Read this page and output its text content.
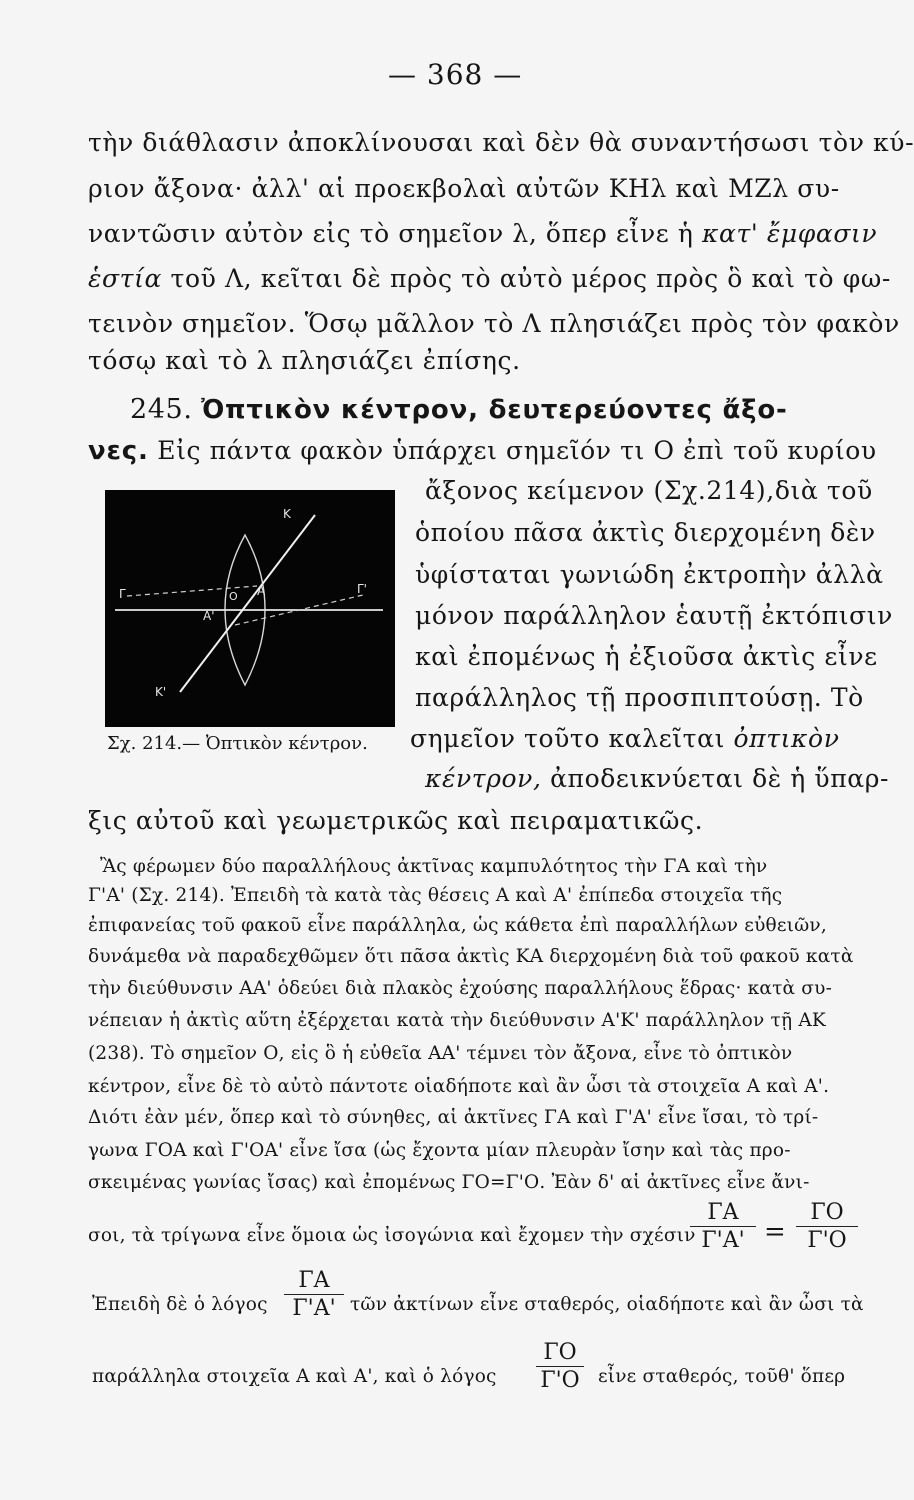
— 368 —
τὴν διάθλασιν ἀποκλίνουσαι καὶ δὲν θὰ συναντήσωσι τὸν κύ-
ριον ἄξονα· ἀλλ' αἱ προεκβολαὶ αὐτῶν ΚΗλ καὶ ΜΖλ συ-
ναντῶσιν αὐτὸν εἰς τὸ σημεῖον λ, ὅπερ εἶνε ἡ κατ' ἔμφασιν
ἑστία τοῦ Λ, κεῖται δὲ πρὸς τὸ αὐτὸ μέρος πρὸς ὃ καὶ τὸ φω-
τεινὸν σημεῖον. Ὅσῳ μᾶλλον τὸ Λ πλησιάζει πρὸς τὸν φακὸν
τόσῳ καὶ τὸ λ πλησιάζει ἐπίσης.
245. Ὀπτικὸν κέντρον, δευτερεύοντες ἄξο-
νες. Εἰς πάντα φακὸν ὑπάρχει σημεῖόν τι Ο ἐπὶ τοῦ κυρίου
ἄξονος κείμενον (Σχ.214),διὰ τοῦ
ὁποίου πᾶσα ἀκτὶς διερχομένη δὲν
ὑφίσταται γωνιώδη ἐκτροπὴν ἀλλὰ
μόνον παράλληλον ἑαυτῇ ἐκτόπισιν
καὶ ἐπομένως ἡ ἐξιοῦσα ἀκτὶς εἶνε
παράλληλος τῇ προσπιπτούσῃ. Τὸ
σημεῖον τοῦτο καλεῖται ὀπτικὸν
κέντρον, ἀποδεικνύεται δὲ ἡ ὕπαρ-
ξις αὐτοῦ καὶ γεωμετρικῶς καὶ πειραματικῶς.
K
K'
Γ	Γ'
A
A'
O
Σχ. 214.— Ὀπτικὸν κέντρον.
Ἂς φέρωμεν δύο παραλλήλους ἀκτῖνας καμπυλότητος τὴν ΓΑ καὶ τὴν
Γ'Α' (Σχ. 214). Ἐπειδὴ τὰ κατὰ τὰς θέσεις Α καὶ Α' ἐπίπεδα στοιχεῖα τῆς
ἐπιφανείας τοῦ φακοῦ εἶνε παράλληλα, ὡς κάθετα ἐπὶ παραλλήλων εὐθειῶν,
δυνάμεθα νὰ παραδεχθῶμεν ὅτι πᾶσα ἀκτὶς ΚΑ διερχομένη διὰ τοῦ φακοῦ κατὰ
τὴν διεύθυνσιν ΑΑ' ὁδεύει διὰ πλακὸς ἐχούσης παραλλήλους ἕδρας· κατὰ συ-
νέπειαν ἡ ἀκτὶς αὕτη ἐξέρχεται κατὰ τὴν διεύθυνσιν Α'Κ' παράλληλον τῇ ΑΚ
(238). Τὸ σημεῖον Ο, εἰς ὃ ἡ εὐθεῖα ΑΑ' τέμνει τὸν ἄξονα, εἶνε τὸ ὀπτικὸν
κέντρον, εἶνε δὲ τὸ αὐτὸ πάντοτε οἱαδήποτε καὶ ἂν ὦσι τὰ στοιχεῖα Α καὶ Α'.
Διότι ἐὰν μέν, ὅπερ καὶ τὸ σύνηθες, αἱ ἀκτῖνες ΓΑ καὶ Γ'Α' εἶνε ἴσαι, τὸ τρί-
γωνα ΓΟΑ καὶ Γ'ΟΑ' εἶνε ἴσα (ὡς ἔχοντα μίαν πλευρὰν ἴσην καὶ τὰς προ-
σκειμένας γωνίας ἴσας) καὶ ἐπομένως ΓΟ=Γ'Ο. Ἐὰν δ' αἱ ἀκτῖνες εἶνε ἄνι-
σοι, τὰ τρίγωνα εἶνε ὅμοια ὡς ἰσογώνια καὶ ἔχομεν τὴν σχέσιν
ΓΑ
Γ'Α' =
ΓΟ
Γ'Ο
Ἐπειδὴ δὲ ὁ λόγος
ΓΑ
Γ'Α' τῶν ἀκτίνων εἶνε σταθερός, οἱαδήποτε καὶ ἂν ὦσι τὰ
παράλληλα στοιχεῖα Α καὶ Α', καὶ ὁ λόγος
ΓΟ
Γ'Ο εἶνε σταθερός, τοῦθ' ὅπερ
